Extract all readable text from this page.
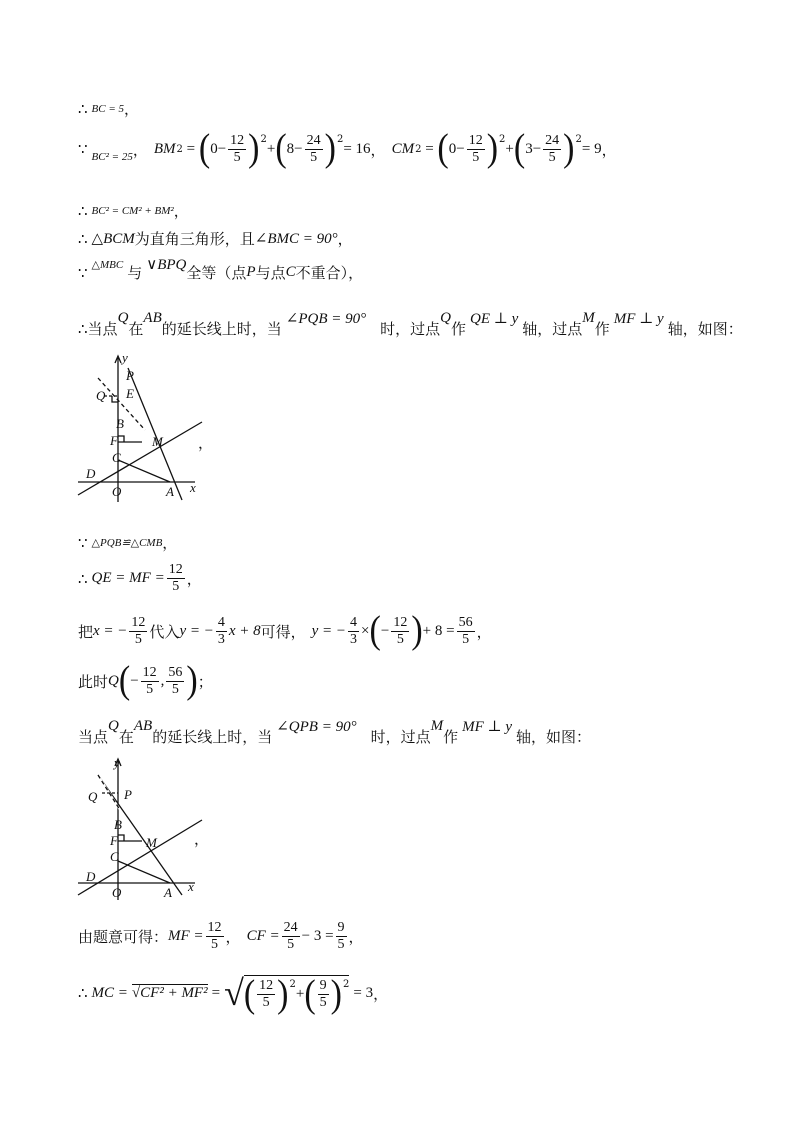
∴ BC = 5 ，
∵ BC² = 25 ， BM 2 = ( $0 - \frac{12}{5}$ ) 2
+ ( $8 - \frac{24}{5}$ ) 2
= 16 ， CM 2 = ( $0 - \frac{12}{5}$ ) 2
+ ( $3 - \frac{24}{5}$ ) 2
= 9 ，
∴ BC² = CM² + BM² ，
∴ △BCM 为直角三角形，且 ∠BMC = 90° ，
∵ △MBC 与 ∨BPQ 全等（点 P 与点 C 不重合），
∴ 当点
Q
在
AB
的延长线上时，当
∠PQB = 90°
时，过点
Q
作
QE ⊥ y
轴，过点
M
作
MF ⊥ y
轴，如图：
y
x
P
Q E
B
F	M
C
D
O	A
，
∵ △PQB≌△CMB ，
∴ QE = MF = $\frac{12}{5}$ ，
把 x = − $\frac{12}{5}$ 代入 y = − $\frac{4}{3}$ x + 8 可得， y = − $\frac{4}{3}$ × ( − $\frac{12}{5}$ ) + $8 = \frac{56}{5}$ ，
此时 Q ( − $\frac{12}{5}$ , $\frac{56}{5}$ ) ；
当点
Q
在
AB
的延长线上时，当
∠QPB = 90°
时，过点
M
作
MF ⊥ y
轴，如图：
y
x
P
Q
B
F M
C
D
O	A
，
由题意可得： MF = $\frac{12}{5}$ ， CF = $\frac{24}{5} - 3 = \frac{9}{5}$ ，
∴ MC = √CF² + MF² = √ ( $\frac{12}{5}$ ) 2
+ ( $\frac{9}{5}$ ) 2 = 3 ，
